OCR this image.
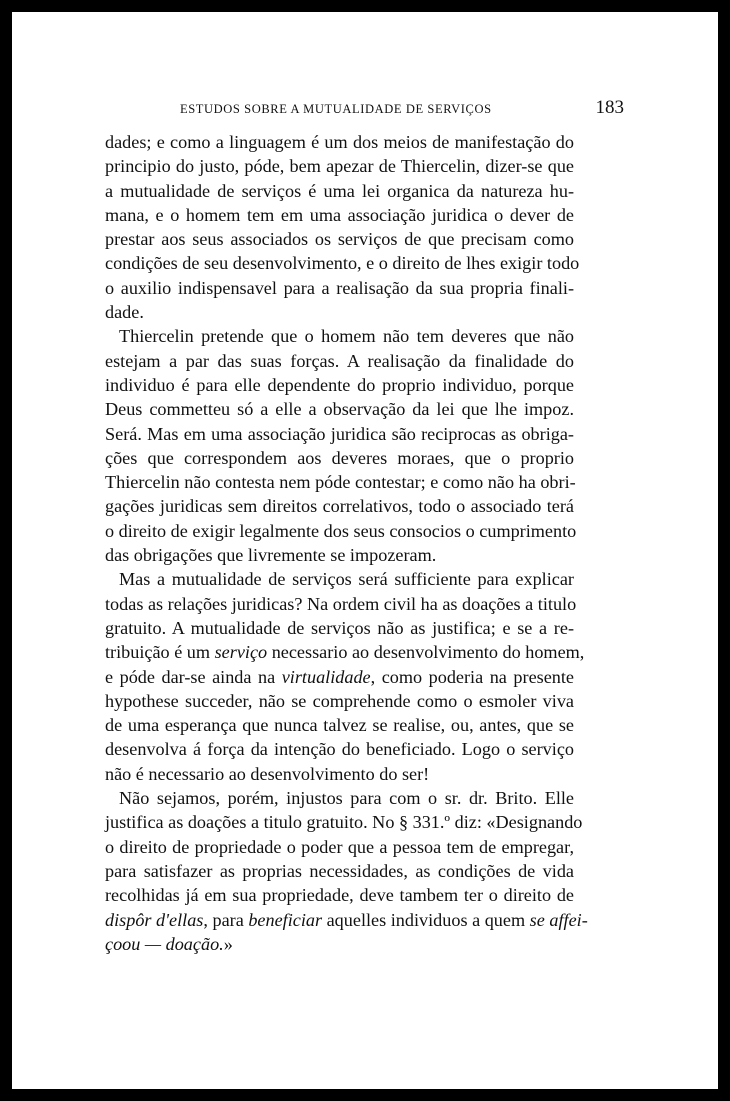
ESTUDOS SOBRE A MUTUALIDADE DE SERVIÇOS	183

dades; e como a linguagem é um dos meios de manifestação do
principio do justo, póde, bem apezar de Thiercelin, dizer-se que
a mutualidade de serviços é uma lei organica da natureza hu-
mana, e o homem tem em uma associação juridica o dever de
prestar aos seus associados os serviços de que precisam como
condições de seu desenvolvimento, e o direito de lhes exigir todo
o auxilio indispensavel para a realisação da sua propria finali-
dade.

Thiercelin pretende que o homem não tem deveres que não
estejam a par das suas forças. A realisação da finalidade do
individuo é para elle dependente do proprio individuo, porque
Deus commetteu só a elle a observação da lei que lhe impoz.
Será. Mas em uma associação juridica são reciprocas as obriga-
ções que correspondem aos deveres moraes, que o proprio
Thiercelin não contesta nem póde contestar; e como não ha obri-
gações juridicas sem direitos correlativos, todo o associado terá
o direito de exigir legalmente dos seus consocios o cumprimento
das obrigações que livremente se impozeram.

Mas a mutualidade de serviços será sufficiente para explicar
todas as relações juridicas? Na ordem civil ha as doações a titulo
gratuito. A mutualidade de serviços não as justifica; e se a re-
tribuição é um serviço necessario ao desenvolvimento do homem,
e póde dar-se ainda na virtualidade, como poderia na presente
hypothese succeder, não se comprehende como o esmoler viva
de uma esperança que nunca talvez se realise, ou, antes, que se
desenvolva á força da intenção do beneficiado. Logo o serviço
não é necessario ao desenvolvimento do ser!

Não sejamos, porém, injustos para com o sr. dr. Brito. Elle
justifica as doações a titulo gratuito. No § 331.º diz: «Designando
o direito de propriedade o poder que a pessoa tem de empregar,
para satisfazer as proprias necessidades, as condições de vida
recolhidas já em sua propriedade, deve tambem ter o direito de
dispôr d'ellas, para beneficiar aquelles individuos a quem se affei-
çoou — doação.»
